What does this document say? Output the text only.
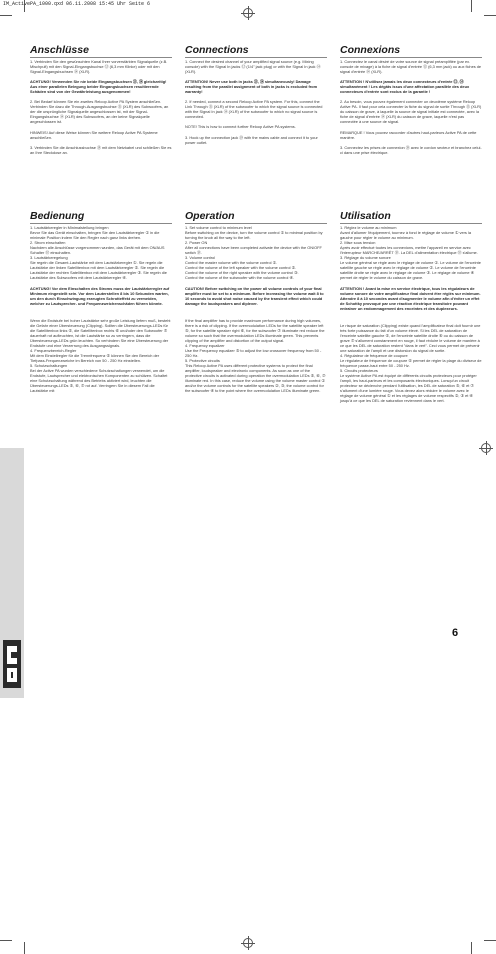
IM_ActivePA_1000.qxd 06.11.2008 15:45 Uhr Seite 6
Anschlüsse

1. Verbinden Sie den gewünschten Kanal Ihrer vorverstärkten Signalquelle (z.B. Mischpult) mit den Signal-Eingangsbuchse ⑬ (6,3 mm Klinke) oder mit den Signal-Eingangsbuchsen ⑭ (XLR).

ACHTUNG! Verwenden Sie nie beide Eingangsbuchsen ⑬, ⑭ gleichzeitig! Aus einer parallelen Belegung beider Eingangsbuchsen resultierende Schäden sind von der Gewährleistung ausgenommen!

2. Bei Bedarf können Sie ein zweites Reloop Active PA System anschließen. Verbinden Sie dazu die Through-Ausgangsbuchse ⑮ (XLR) des Subwoofers, an der die ursprüngliche Signalquelle angeschlossen ist, mit der Signal-Eingangsbuchse ⑭ (XLR) des Subwoofers, an der keine Signalquelle angeschlossen ist.

HINWEIS! Auf diese Weise können Sie weitere Reloop Active PA Systeme anschließen.

3. Verbinden Sie die Anschlussbuchse ⑲ mit dem Netzkabel und schließen Sie es an Ihre Steckdose an.

Bedienung

1. Lautstärkeregler in Minimalstellung bringen
Bevor Sie das Gerät einschalten, bringen Sie den Lautstärkeregler ① in die minimale Position indem Sie den Regler nach ganz links drehen.
2. Strom einschalten
Nachdem alle Anschlüsse vorgenommen wurden, das Gerät mit dem ON/AUS Schalter ⑱ einschalten.
3. Lautstärkeregelung
Sie regeln die Gesamt-Lautstärke mit dem Lautstärkeregler ①. Sie regeln die Lautstärke der linken Satellitenbox mit dem Lautstärkeregler ②. Sie regeln die Lautstärke der rechten Satellitenbox mit dem Lautstärkeregler ③. Sie regeln die Lautstärke des Subwoofers mit dem Lautstärkeregler ④.

ACHTUNG! Vor dem Einschalten des Stroms muss der Lautstärkeregler auf Minimum eingestellt sein. Vor dem Lauterstellen 8 bis 10 Sekunden warten, um den durch Einschwingung erzeugten Schrotteffekt zu vermeiden, welcher zu Lautsprecher- und Frequenzweichenschäden führen könnte.

Wenn die Endstufe bei hoher Lautstärke sehr große Leistung liefern muß, besteht die Gefahr einer Übersteuerung (Clipping). Sollten die Übersteuerungs-LEDs für die Satellitenbox links ⑤, die Satellitenbox rechts ⑥ und/oder den Subwoofer ⑦ dauerhaft rot aufleuchten, ist die Lautstärke so zu verringern, dass die Übersteuerungs-LEDs grün leuchten. So verhindern Sie eine Übersteuerung der Endstufe und eine Verzerrung des Ausgangssignals.
4. Frequenzbereich-Regler
Mit dem Einstellregler für die Trennfrequenz ⑤ können Sie den Bereich der Tiefpass-Frequenzweiche im Bereich von 50 - 250 Hz einstellen.
5. Schutzschaltungen
Bei der Active PA wurden verschiedene Schutzschaltungen verwendet, um die Endstufe, Lautsprecher und elektronischen Komponenten zu schützen. Schaltet eine Schutzschaltung während des Betriebs aktiviert wird, leuchten die Übersteuerungs-LEDs ⑤, ⑥, ⑦ rot auf. Verringern Sie in diesem Fall die Lautstärke mit

Connections

1. Connect the desired channel of your amplified signal source (e.g. Mixing console) with the Signal In jacks ⑬ (1/4" jack plug) or with the Signal In jack ⑭ (XLR).

ATTENTION! Never use both in jacks ⑬, ⑭ simultaneously! Damage resulting from the parallel assignment of both in jacks is excluded from warranty!

2. If needed, connect a second Reloop Active PA system. For this, connect the Link Through ⑮ (XLR) of the subwoofer to which the signal source is connected with the Signal In jack ⑭ (XLR) of the subwoofer to which no signal source is connected.

NOTE! This is how to connect further Reloop Active PA systems.

3. Hook up the connection jack ⑲ with the mains cable and connect it to your power outlet.

Operation

1. Set volume control to minimum level
Before switching on the device, turn the volume control ① to minimal position by turning the knob all the way to the left.
2. Power ON
After all connections have been completed activate the device with the ON/OFF switch ⑱.
3. Volume control
Control the master volume with the volume control ①.
Control the volume of the left speaker with the volume control ②.
Control the volume of the right speaker with the volume control ③.
Control the volume of the subwoofer with the volume control ④.

CAUTION! Before switching on the power all volume controls of your final amplifier must be set to a minimum. Before increasing the volume wait 8 to 10 seconds to avoid shot noise caused by the transient effect which could damage the loudspeakers and diplexer.

If the final amplifier has to provide maximum performance during high volumes, there is a risk of clipping. If the overmodulation LEDs for the satellite speaker left ⑤, for the satellite speaker right ⑥, for the subwoofer ⑦ illuminate red reduce the volume so such that the overmodulation LEDs illuminate green. This prevents clipping of the amplifier and distortion of the output signal.
4. Frequency equalizer
Use the Frequency equalizer ⑤ to adjust the low crossover frequency from 50 - 250 Hz.
5. Protective circuits
This Reloop Active PA uses different protective systems to protect the final amplifier, loudspeaker and electronic components. As soon as one of the protective circuits is activated during operation the overmodulation LEDs ⑤, ⑥, ⑦ illuminate red. In this case, reduce the volume using the volume master control ① and/or the volume controls for the satellite speakers ②, ③, the volume control for the subwoofer ④ to the point where the overmodulation LEDs illuminate green.

Connexions

1. Connectez le canal désiré de votre source de signal préamplifiée (par ex. console de mixage) à la fiche de signal d'entrée ⑬ (6,3 mm jack) ou aux fiches de signal d'entrée ⑭ (XLR).

ATTENTION ! N'utilisez jamais les deux connecteurs d'entrée ⑬, ⑭ simultanément ! Les dégâts issus d'une affectation parallèle des deux connecteurs d'entrée sont exclus de la garantie !

2. Au besoin, vous pouvez également connecter un deuxième système Reloop Active PA. Il faut pour cela connecter la fiche du signal de sortie Through ⑮ (XLR) du caisson de grave, à laquelle la source de signal initiale est connectée, avec la fiche de signal d'entrée ⑭ (XLR) du caisson de grave, laquelle n'est pas connectée à une source de signal.

REMARQUE ! Vous pouvez raccorder d'autres haut-parleurs Active PA de cette manière.

3. Connectez les prises de connexion ⑲ avec le cordon secteur et branchez celui-ci dans une prise électrique.

Utilisation

1. Réglez le volume au minimum
Avant d'allumer l'équipement, tournez à fond le réglage de volume ① vers la gauche pour régler le volume au minimum.
2. Mise sous tension
Après avoir effectué toutes les connexions, mettre l'appareil en service avec l'interrupteur MARCHE/ARRÊT ⑱. La DEL d'alimentation électrique ⑱ s'allume.
3. Réglage du volume sonore
Le volume général se règle avec le réglage de volume ①. Le volume de l'enceinte satellite gauche se règle avec le réglage de volume ②. Le volume de l'enceinte satellite droite se règle avec le réglage de volume ③. Le réglage de volume ④ permet de régler le volume du caisson de grave.

ATTENTION ! Avant la mise en service électrique, tous les régulateurs de volume sonore de votre amplificateur final doivent être réglés sur minimum. Attendre 8 à 10 secondes avant d'augmenter le volume afin d'éviter un effet de Schottky provoqué par une réaction électrique transitoire pouvant entraîner un endommagement des enceintes et des duplexeurs.

Le risque de saturation (Clipping) existe quand l'amplificateur final doit fournir une très forte puissance du fait d'un volume élevé. Si les DEL de saturation de l'enceinte satellite gauche ⑤, de l'enceinte satellite droite ⑥ ou du caisson de grave ⑦ s'allument constamment en rouge, il faut réduire le volume de manière à ce que les DEL de saturation restent "dans le vert". Ceci vous permet de prévenir une saturation de l'ampli et une distorsion du signal de sortie.
4. Régulateur de fréquence de coupure
Le régulateur de fréquence de coupure ⑤ permet de régler la plage du diviseur de fréquence passe-haut entre 50 - 250 Hz.
5. Circuits protecteurs
Le système Active PA est équipé de différents circuits protecteurs pour protéger l'ampli, les haut-parleurs et les composants électroniques. Lorsqu'un circuit protecteur se déclenche pendant l'utilisation, les DEL de saturation ⑤, ⑥ et ⑦ s'allument d'une lumière rouge. Vous devez alors réduire le volume avec le réglage de volume général ① et les réglages de volume respectifs ②, ③ et ④ jusqu'à ce que les DEL de saturation reviennent dans le vert.

6
